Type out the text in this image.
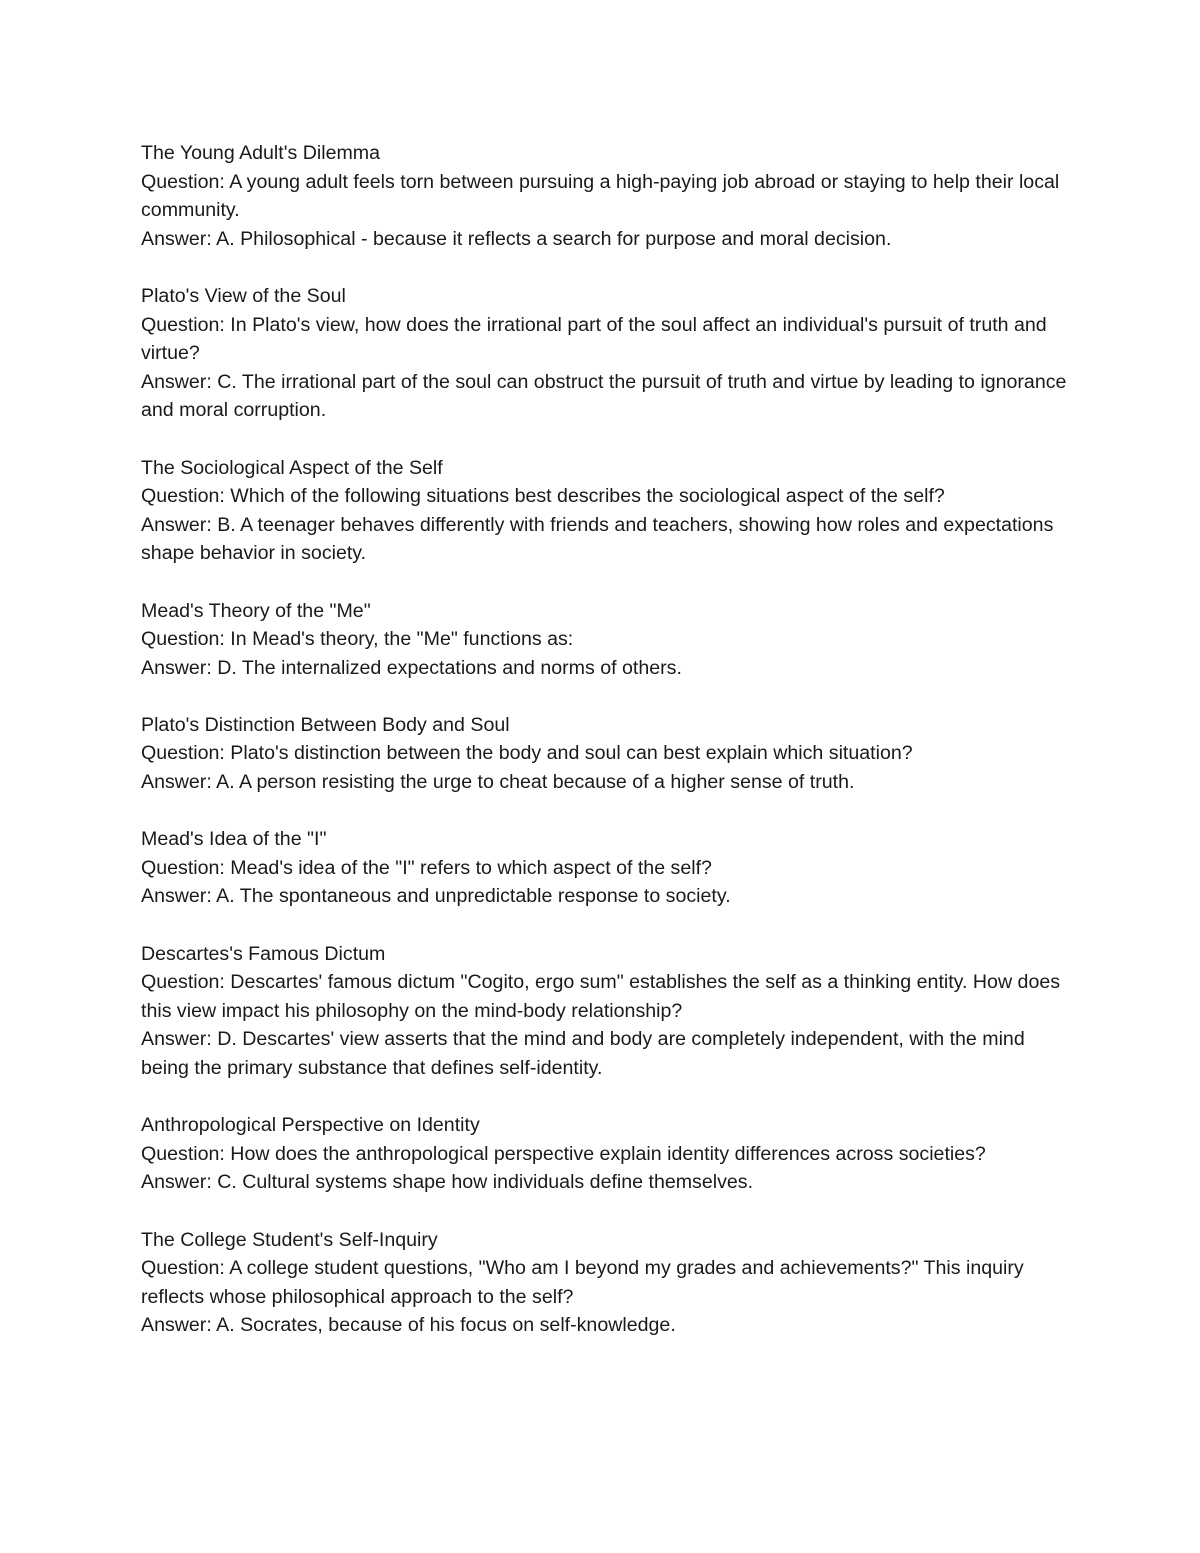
The Young Adult's Dilemma

Question: A young adult feels torn between pursuing a high-paying job abroad or staying to help their local community.

Answer: A. Philosophical - because it reflects a search for purpose and moral decision.

Plato's View of the Soul

Question: In Plato's view, how does the irrational part of the soul affect an individual's pursuit of truth and virtue?

Answer: C. The irrational part of the soul can obstruct the pursuit of truth and virtue by leading to ignorance and moral corruption.

The Sociological Aspect of the Self

Question: Which of the following situations best describes the sociological aspect of the self?

Answer: B. A teenager behaves differently with friends and teachers, showing how roles and expectations shape behavior in society.

Mead's Theory of the "Me"

Question: In Mead's theory, the "Me" functions as:

Answer: D. The internalized expectations and norms of others.

Plato's Distinction Between Body and Soul

Question: Plato's distinction between the body and soul can best explain which situation?

Answer: A. A person resisting the urge to cheat because of a higher sense of truth.

Mead's Idea of the "I"

Question: Mead's idea of the "I" refers to which aspect of the self?

Answer: A. The spontaneous and unpredictable response to society.

Descartes's Famous Dictum

Question: Descartes' famous dictum "Cogito, ergo sum" establishes the self as a thinking entity. How does this view impact his philosophy on the mind-body relationship?

Answer: D. Descartes' view asserts that the mind and body are completely independent, with the mind being the primary substance that defines self-identity.

Anthropological Perspective on Identity

Question: How does the anthropological perspective explain identity differences across societies?

Answer: C. Cultural systems shape how individuals define themselves.

The College Student's Self-Inquiry

Question: A college student questions, "Who am I beyond my grades and achievements?" This inquiry reflects whose philosophical approach to the self?

Answer: A. Socrates, because of his focus on self-knowledge.
